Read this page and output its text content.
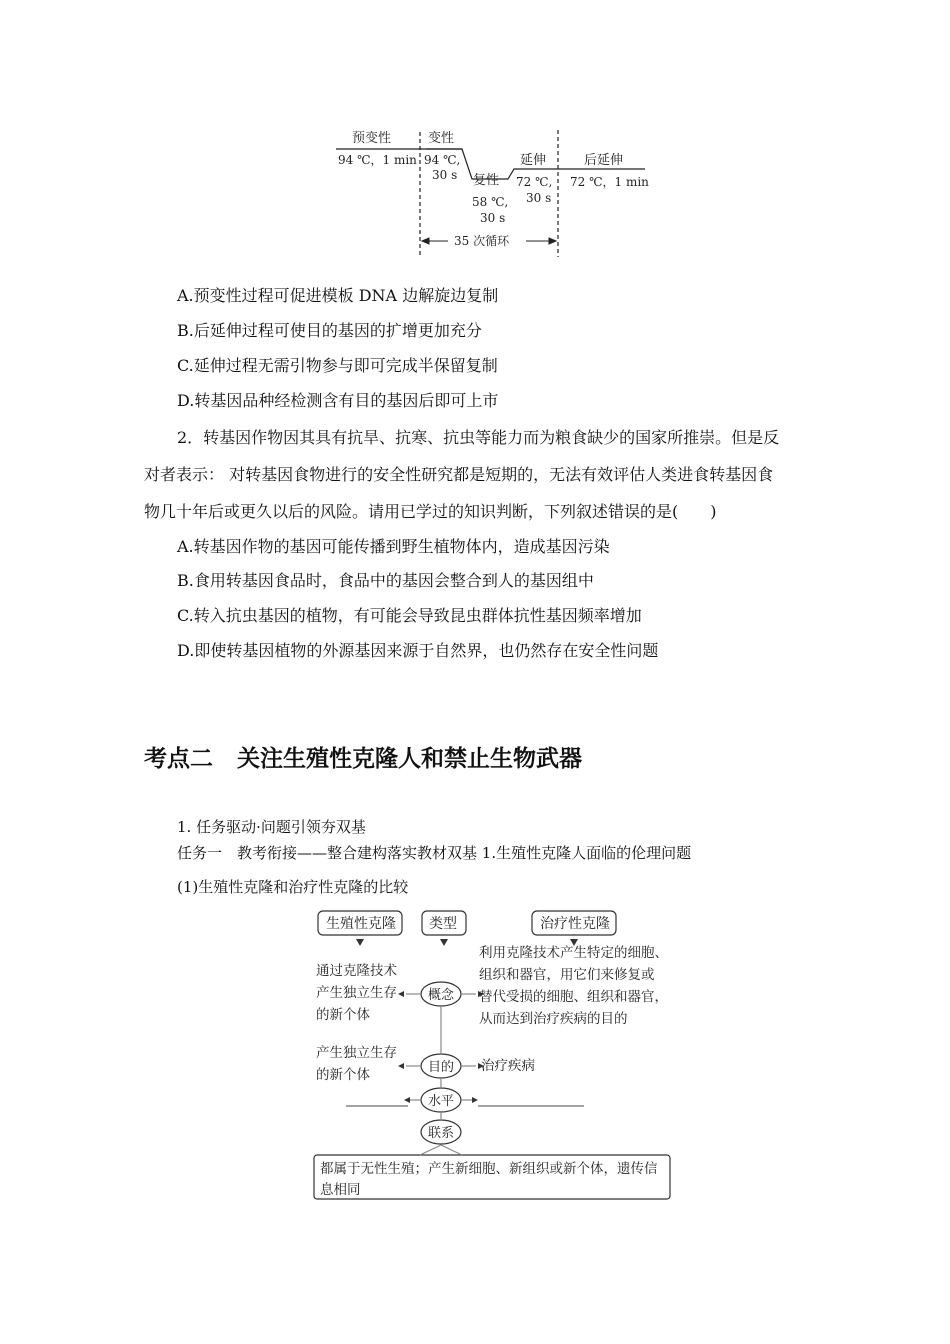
预变性	变性
复性
延伸	后延伸
94 ℃，1 min 94 ℃,
30 s
58 ℃,
30 s
72 ℃,
30 s
72 ℃，1 min
35 次循环
A.预变性过程可促进模板 DNA 边解旋边复制
B.后延伸过程可使目的基因的扩增更加充分
C.延伸过程无需引物参与即可完成半保留复制
D.转基因品种经检测含有目的基因后即可上市
2．转基因作物因其具有抗旱、抗寒、抗虫等能力而为粮食缺少的国家所推崇。但是反
对者表示： 对转基因食物进行的安全性研究都是短期的，无法有效评估人类进食转基因食
物几十年后或更久以后的风险。请用已学过的知识判断，下列叙述错误的是(　　)
A.转基因作物的基因可能传播到野生植物体内，造成基因污染
B.食用转基因食品时，食品中的基因会整合到人的基因组中
C.转入抗虫基因的植物，有可能会导致昆虫群体抗性基因频率增加
D.即使转基因植物的外源基因来源于自然界，也仍然存在安全性问题
考点二 关注生殖性克隆人和禁止生物武器
1. 任务驱动·问题引领夯双基
任务一　教考衔接——整合建构落实教材双基 1.生殖性克隆人面临的伦理问题
(1)生殖性克隆和治疗性克隆的比较
生殖性克隆 类型	治疗性克隆
概念
目的
水平
联系
通过克隆技术
产生独立生存
的新个体
利用克隆技术产生特定的细胞、
组织和器官，用它们来修复或
替代受损的细胞、组织和器官，
从而达到治疗疾病的目的
产生独立生存
的新个体
治疗疾病
都属于无性生殖；产生新细胞、新组织或新个体，遗传信
息相同
